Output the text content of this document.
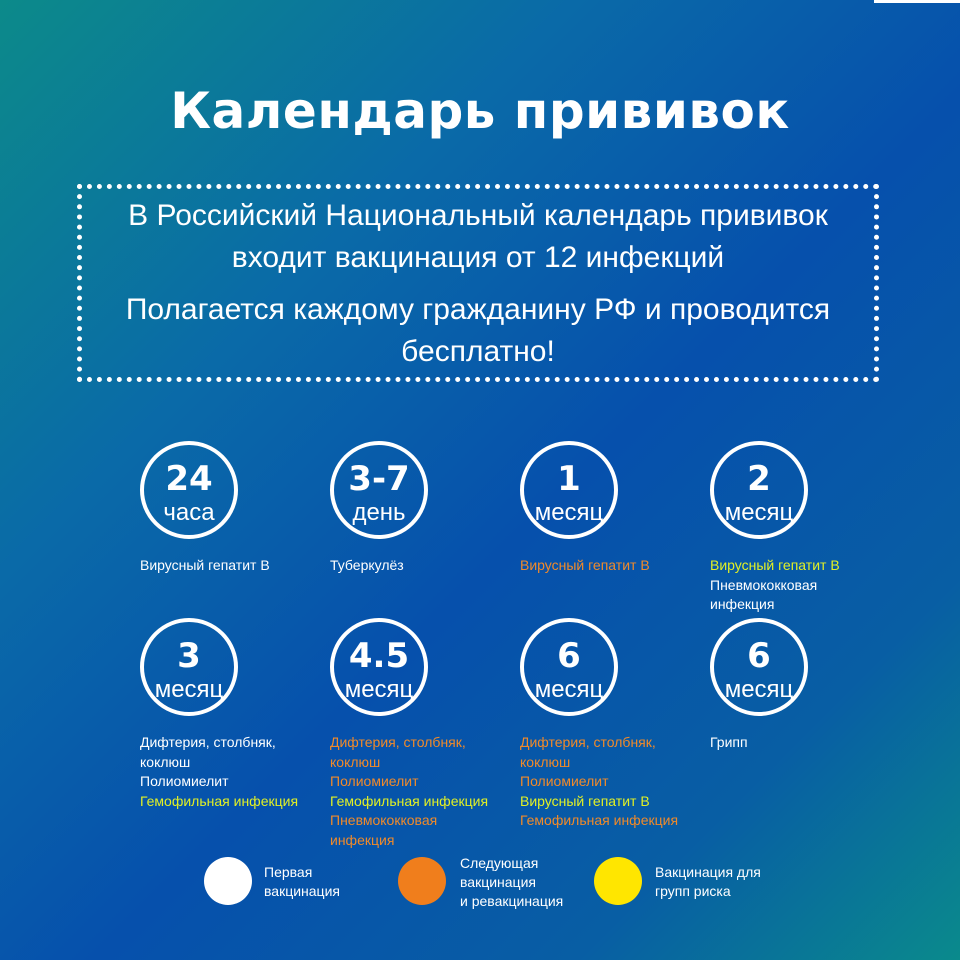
Календарь прививок

В Российский Национальный календарь прививок

входит вакцинация от 12 инфекций

Полагается каждому гражданину РФ и проводится

бесплатно!

24
часа
Вирусный гепатит В
3-7
день
Туберкулёз
1
месяц
Вирусный гепатит В
2
месяц
Вирусный гепатит В
Пневмококковая
инфекция
3
месяц
Дифтерия, столбняк,
коклюш
Полиомиелит
Гемофильная инфекция
4.5
месяц
Дифтерия, столбняк,
коклюш
Полиомиелит
Гемофильная инфекция
Пневмококковая
инфекция
6
месяц
Дифтерия, столбняк,
коклюш
Полиомиелит
Вирусный гепатит В
Гемофильная инфекция
6
месяц
Грипп
Первая
вакцинация
Следующая
вакцинация
и ревакцинация
Вакцинация для
групп риска
